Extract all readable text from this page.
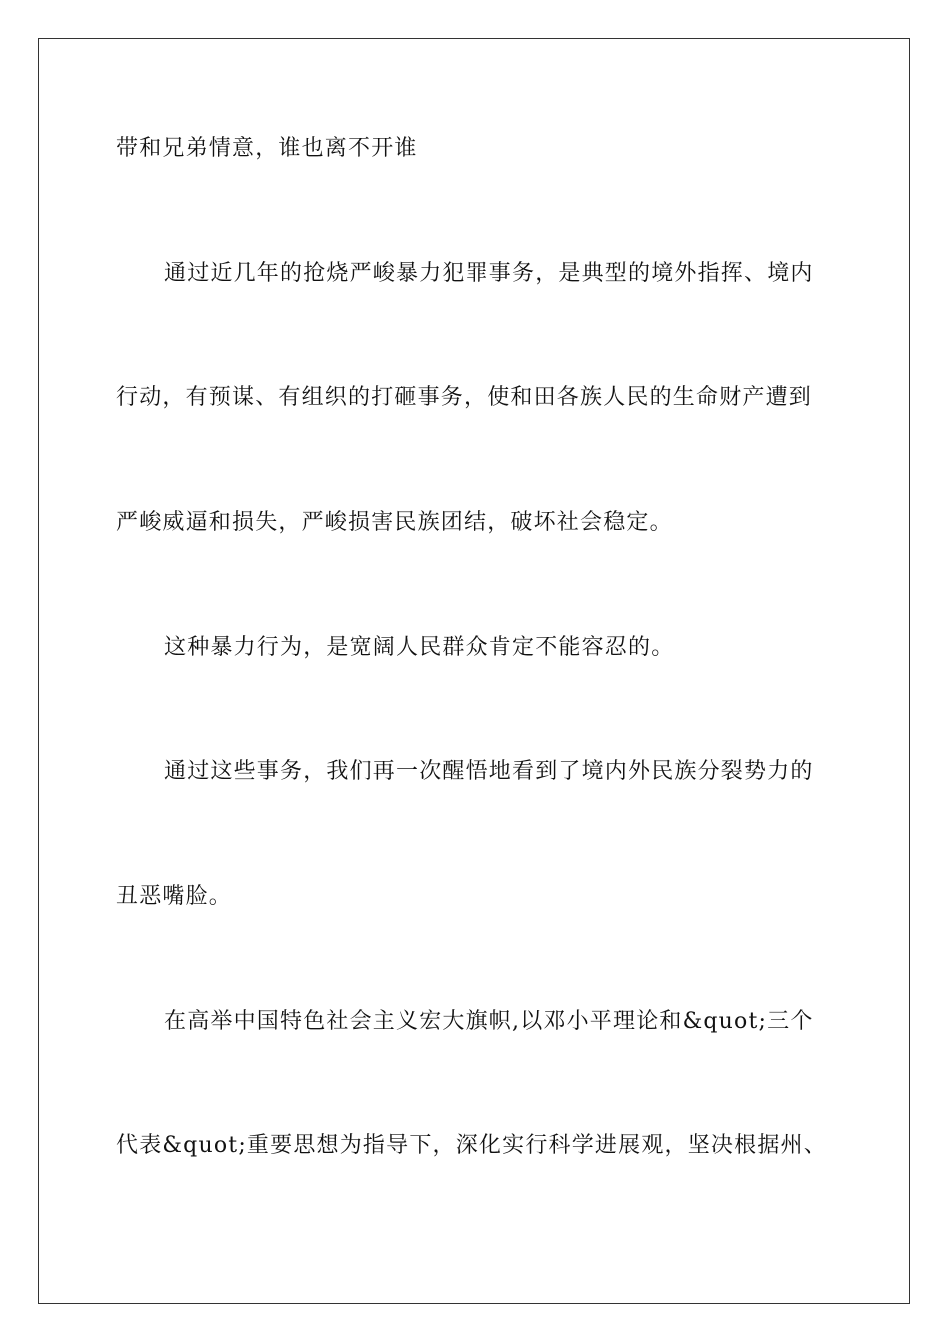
带和兄弟情意，谁也离不开谁
通过近几年的抢烧严峻暴力犯罪事务，是典型的境外指挥、境内
行动，有预谋、有组织的打砸事务，使和田各族人民的生命财产遭到
严峻威逼和损失，严峻损害民族团结，破坏社会稳定。
这种暴力行为，是宽阔人民群众肯定不能容忍的。
通过这些事务，我们再一次醒悟地看到了境内外民族分裂势力的
丑恶嘴脸。
在高举中国特色社会主义宏大旗帜,以邓小平理论和&quot;三个
代表&quot;重要思想为指导下，深化实行科学进展观，坚决根据州、
